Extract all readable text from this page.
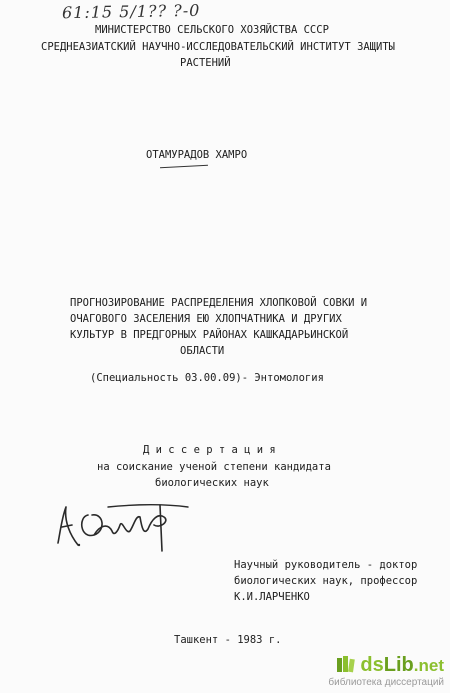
61:15 5/1?? ?-0
МИНИСТЕРСТВО СЕЛЬСКОГО ХОЗЯЙСТВА СССР
СРЕДНЕАЗИАТСКИЙ НАУЧНО-ИССЛЕДОВАТЕЛЬСКИЙ ИНСТИТУТ ЗАЩИТЫ
РАСТЕНИЙ
ОТАМУРАДОВ ХАМРО
ПРОГНОЗИРОВАНИЕ РАСПРЕДЕЛЕНИЯ ХЛОПКОВОЙ СОВКИ И
ОЧАГОВОГО ЗАСЕЛЕНИЯ ЕЮ ХЛОПЧАТНИКА И ДРУГИХ
КУЛЬТУР В ПРЕДГОРНЫХ РАЙОНАХ КАШКАДАРЬИНСКОЙ
ОБЛАСТИ
(Специальность 03.00.09)- Энтомология
Д и с с е р т а ц и я
на соискание ученой степени кандидата
биологических наук
Научный руководитель - доктор
биологических наук, профессор
К.И.ЛАРЧЕНКО
Ташкент - 1983 г.
dsLib.net
библиотека диссертаций
